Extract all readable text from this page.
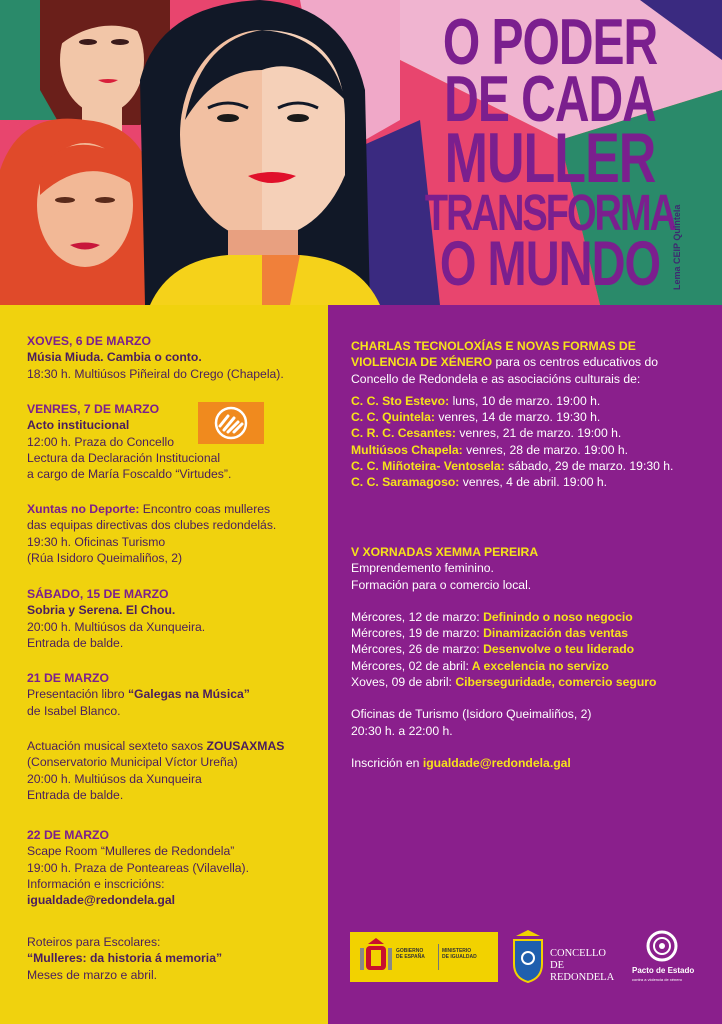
O PODER
DE CADA
MULLER
TRANSFORMA
O MUNDO	Lema CEIP Quintela
XOVES, 6 DE MARZO
Músia Miuda. Cambia o conto.
18:30 h. Multiúsos Piñeiral do Crego (Chapela).
VENRES, 7 DE MARZO
Acto institucional
12:00 h. Praza do Concello
Lectura da Declaración Institucional
a cargo de María Foscaldo “Virtudes”.
Xuntas no Deporte: Encontro coas mulleres
das equipas directivas dos clubes redondelás.
19:30 h. Oficinas Turismo
(Rúa Isidoro Queimaliños, 2)
SÁBADO, 15 DE MARZO
Sobria y Serena. El Chou.
20:00 h. Multiúsos da Xunqueira.
Entrada de balde.
21 DE MARZO
Presentación libro “Galegas na Música”
de Isabel Blanco.
Actuación musical sexteto saxos ZOUSAXMAS
(Conservatorio Municipal Víctor Ureña)
20:00 h. Multiúsos da Xunqueira
Entrada de balde.
22 DE MARZO
Scape Room “Mulleres de Redondela”
19:00 h. Praza de Ponteareas (Vilavella).
Información e inscricións:
igualdade@redondela.gal
Roteiros para Escolares:
“Mulleres: da historia á memoria”
Meses de marzo e abril.
CHARLAS TECNOLOXÍAS E NOVAS FORMAS DE
VIOLENCIA DE XÉNERO para os centros educativos do
Concello de Redondela e as asociacións culturais de:
C. C. Sto Estevo: luns, 10 de marzo. 19:00 h.
C. C. Quintela: venres, 14 de marzo. 19:30 h.
C. R. C. Cesantes: venres, 21 de marzo. 19:00 h.
Multiúsos Chapela: venres, 28 de marzo. 19:00 h.
C. C. Miñoteira- Ventosela: sábado, 29 de marzo. 19:30 h.
C. C. Saramagoso: venres, 4 de abril. 19:00 h.
V XORNADAS XEMMA PEREIRA
Emprendemento feminino.
Formación para o comercio local.
Mércores, 12 de marzo: Definindo o noso negocio
Mércores, 19 de marzo: Dinamización das ventas
Mércores, 26 de marzo: Desenvolve o teu liderado
Mércores, 02 de abril: A excelencia no servizo
Xoves, 09 de abril: Ciberseguridade, comercio seguro
Oficinas de Turismo (Isidoro Queimaliños, 2)
20:30 h. a 22:00 h.
Inscrición en igualdade@redondela.gal
GOBIERNO
DE ESPAÑA
MINISTERIO
DE IGUALDAD	CONCELLO DE
REDONDELA
Pacto de Estado
contra a violencia de xénero
